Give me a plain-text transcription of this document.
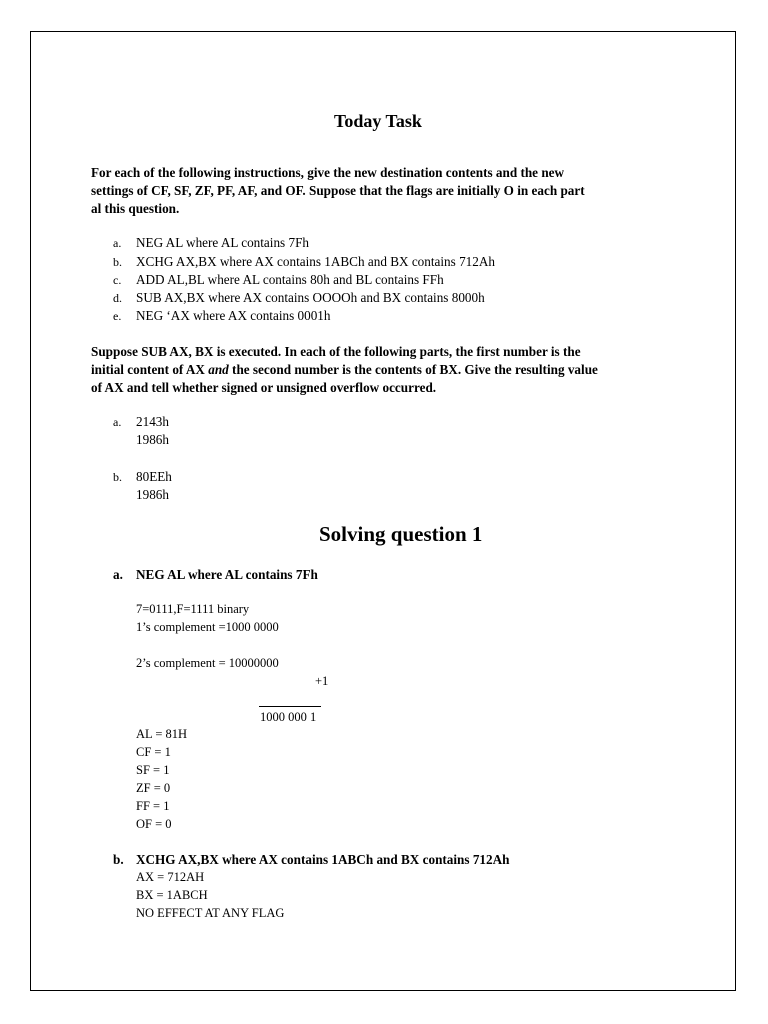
Today Task
For each of the following instructions, give the new destination contents and the new
settings of CF, SF, ZF, PF, AF, and OF. Suppose that the flags are initially O in each part
al this question.
a. NEG AL where AL contains 7Fh
b. XCHG AX,BX where AX contains 1ABCh and BX contains 712Ah
c. ADD AL,BL where AL contains 80h and BL contains FFh
d. SUB AX,BX where AX contains OOOOh and BX contains 8000h
e. NEG ‘AX where AX contains 0001h
Suppose SUB AX, BX is executed. In each of the following parts, the first number is the
initial content of AX and the second number is the contents of BX. Give the resulting value
of AX and tell whether signed or unsigned overflow occurred.
a. 2143h
1986h
b. 80EEh
1986h
Solving question 1
a. NEG AL where AL contains 7Fh
7=0111,F=1111 binary
1’s complement =1000 0000
2’s complement = 10000000
+1
1000 000 1
AL = 81H
CF = 1
SF = 1
ZF = 0
FF = 1
OF = 0
b. XCHG AX,BX where AX contains 1ABCh and BX contains 712Ah
AX = 712AH
BX = 1ABCH
NO EFFECT AT ANY FLAG
